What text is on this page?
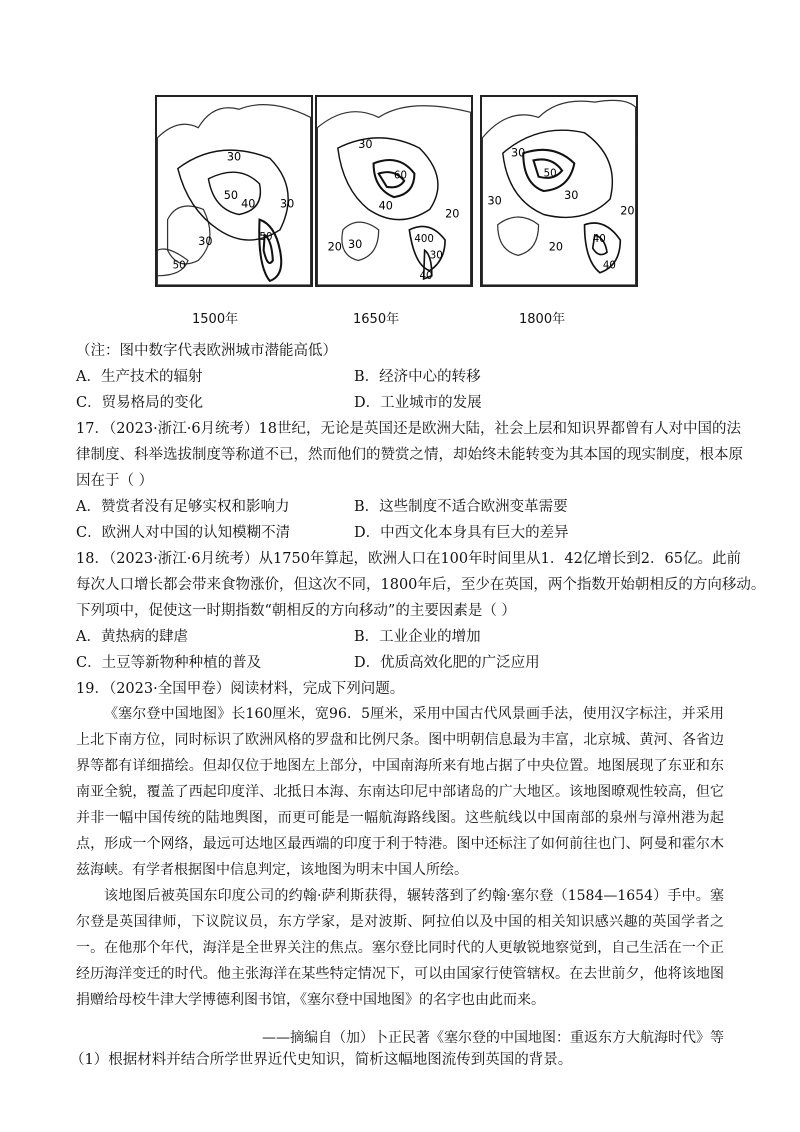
30
50
40 30
30	50
50
30
60
40
20
20 30	400
30
40
30
50
30
30
20
20
40
40
1500年	1650年	1800年
（注：图中数字代表欧洲城市潜能高低）
A．生产技术的辐射	B．经济中心的转移
C．贸易格局的变化	D．工业城市的发展
17．（2023·浙江·6月统考）18世纪，无论是英国还是欧洲大陆，社会上层和知识界都曾有人对中国的法
律制度、科举选拔制度等称道不已，然而他们的赞赏之情，却始终未能转变为其本国的现实制度，根本原
因在于（ ）
A．赞赏者没有足够实权和影响力	B．这些制度不适合欧洲变革需要
C．欧洲人对中国的认知模糊不清	D．中西文化本身具有巨大的差异
18．（2023·浙江·6月统考）从1750年算起，欧洲人口在100年时间里从1．42亿增长到2．65亿。此前
每次人口增长都会带来食物涨价，但这次不同，1800年后，至少在英国，两个指数开始朝相反的方向移动。
下列项中，促使这一时期指数“朝相反的方向移动”的主要因素是（ ）
A．黄热病的肆虐	B．工业企业的增加
C．土豆等新物种种植的普及	D．优质高效化肥的广泛应用
19．（2023·全国甲卷）阅读材料，完成下列问题。

《塞尔登中国地图》长160厘米，宽96．5厘米，采用中国古代风景画手法，使用汉字标注，并采用上北下南方位，同时标识了欧洲风格的罗盘和比例尺条。图中明朝信息最为丰富，北京城、黄河、各省边界等都有详细描绘。但却仅位于地图左上部分，中国南海所来有地占据了中央位置。地图展现了东亚和东南亚全貌，覆盖了西起印度洋、北抵日本海、东南达印尼中部诸岛的广大地区。该地图暸观性较高，但它并非一幅中国传统的陆地舆图，而更可能是一幅航海路线图。这些航线以中国南部的泉州与漳州港为起点，形成一个网络，最远可达地区最西端的印度于利于特港。图中还标注了如何前往也门、阿曼和霍尔木兹海峡。有学者根据图中信息判定，该地图为明末中国人所绘。

该地图后被英国东印度公司的约翰·萨利斯获得，辗转落到了约翰·塞尔登（1584—1654）手中。塞尔登是英国律师，下议院议员，东方学家，是对波斯、阿拉伯以及中国的相关知识感兴趣的英国学者之一。在他那个年代，海洋是全世界关注的焦点。塞尔登比同时代的人更敏锐地察觉到，自己生活在一个正经历海洋变迁的时代。他主张海洋在某些特定情况下，可以由国家行使管辖权。在去世前夕，他将该地图捐赠给母校牛津大学博德利图书馆，《塞尔登中国地图》的名字也由此而来。

——摘编自（加）卜正民著《塞尔登的中国地图：重返东方大航海时代》等
（1）根据材料并结合所学世界近代史知识，简析这幅地图流传到英国的背景。
